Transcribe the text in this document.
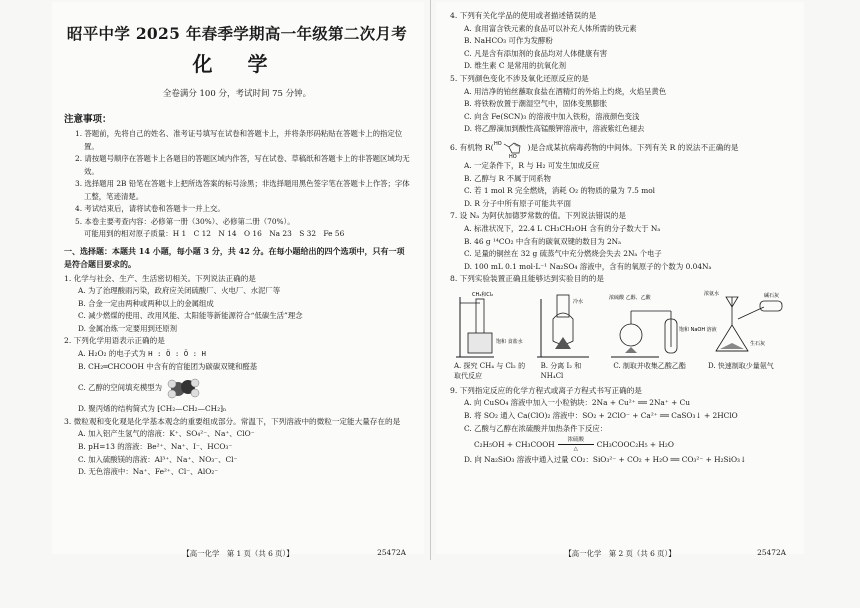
昭平中学 2025 年春季学期高一年级第二次月考
化 学
全卷满分 100 分，考试时间 75 分钟。
注意事项：

1. 答题前，先将自己的姓名、准考证号填写在试卷和答题卡上，并将条形码粘贴在答题卡上的指定位置。

2. 请按题号顺序在答题卡上各题目的答题区域内作答，写在试卷、草稿纸和答题卡上的非答题区域均无效。

3. 选择题用 2B 铅笔在答题卡上把所选答案的标号涂黑；非选择题用黑色签字笔在答题卡上作答；字体工整，笔迹清楚。

4. 考试结束后，请将试卷和答题卡一并上交。

5. 本卷主要考查内容：必修第一册（30%）、必修第二册（70%）。

可能用到的相对原子质量：H 1　C 12　N 14　O 16　Na 23　S 32　Fe 56

一、选择题：本题共 14 小题，每小题 3 分，共 42 分。在每小题给出的四个选项中，只有一项是符合题目要求的。

1. 化学与社会、生产、生活密切相关。下列说法正确的是

A. 为了治理酸雨污染，政府应关闭硫酸厂、火电厂、水泥厂等

B. 合金一定由两种或两种以上的金属组成

C. 减少燃煤的使用、改用风能、太阳能等新能源符合“低碳生活”理念

D. 金属冶炼一定要用到还原剂

2. 下列化学用语表示正确的是

A. H₂O₂ 的电子式为 H : Ö : Ö : H

B. CH₂═CHCOOH 中含有的官能团为碳碳双键和醛基

C. 乙醇的空间填充模型为

D. 聚丙烯的结构简式为 ⁅CH₂—CH₂—CH₂⁆ₙ

3. 微粒观和变化观是化学基本观念的重要组成部分。常温下，下列溶液中的微粒一定能大量存在的是

A. 加入铝产生氢气的溶液：K⁺、SO₄²⁻、Na⁺、ClO⁻

B. pH=13 的溶液：Be²⁺、Na⁺、I⁻、HCO₃⁻

C. 加入硫酸镁的溶液：Al³⁺、Na⁺、NO₃⁻、Cl⁻

D. 无色溶液中：Na⁺、Fe²⁺、Cl⁻、AlO₂⁻

【高一化学　第 1 页（共 6 页）】	25472A

4. 下列有关化学品的使用或者描述错误的是

A. 食用富含铁元素的食品可以补充人体所需的铁元素

B. NaHCO₃ 可作为发酵粉

C. 凡是含有添加剂的食品均对人体健康有害

D. 维生素 C 是常用的抗氧化剂

5. 下列颜色变化不涉及氧化还原反应的是

A. 用洁净的铂丝蘸取食盐在酒精灯的外焰上灼烧，火焰呈黄色

B. 将铁粉放置于潮湿空气中，固体变黑膨胀

C. 向含 Fe(SCN)₃ 的溶液中加入铁粉，溶液颜色变浅

D. 将乙醇滴加到酸性高锰酸钾溶液中，溶液紫红色褪去

6. 有机物 R( HO
HO
)是合成某抗病毒药物的中间体。下列有关 R 的说法不正确的是

A. 一定条件下，R 与 H₂ 可发生加成反应

B. 乙醇与 R 不属于同系物

C. 若 1 mol R 完全燃烧，消耗 O₂ 的物质的量为 7.5 mol

D. R 分子中所有原子可能共平面

7. 设 Nₐ 为阿伏加德罗常数的值。下列说法错误的是

A. 标准状况下，22.4 L CH₃CH₂OH 含有的分子数大于 Nₐ

B. 46 g ¹⁴CO₂ 中含有的碳氧双键的数目为 2Nₐ

C. 足量的铜丝在 32 g 硫蒸气中充分燃烧会失去 2Nₐ 个电子

D. 100 mL 0.1 mol·L⁻¹ Na₂SO₄ 溶液中，含有的氧原子的个数为 0.04Nₐ

8. 下列实验装置正确且能够达到实验目的的是

CH₄和Cl₂
饱和 食盐水
冷水
浓硫酸 乙醇、乙酸
饱和 NaOH 溶液
浓氨水	碱石灰
生石灰
A. 探究 CH₄ 与 Cl₂ 的取代反应
B. 分离 I₂ 和 NH₄Cl
C. 制取并收集乙酸乙酯	D. 快速制取少量氨气

9. 下列指定反应的化学方程式或离子方程式书写正确的是

A. 向 CuSO₄ 溶液中加入一小粒钠块：2Na + Cu²⁺ ══ 2Na⁺ + Cu

B. 将 SO₂ 通入 Ca(ClO)₂ 溶液中：SO₂ + 2ClO⁻ + Ca²⁺ ══ CaSO₃↓ + 2HClO

C. 乙酸与乙醇在浓硫酸并加热条件下反应：

C₂H₅OH + CH₃COOH 浓硫酸
△	CH₃COOC₂H₅ + H₂O

D. 向 Na₂SiO₃ 溶液中通入过量 CO₂：SiO₃²⁻ + CO₂ + H₂O ══ CO₃²⁻ + H₂SiO₃↓

【高一化学　第 2 页（共 6 页）】	25472A
